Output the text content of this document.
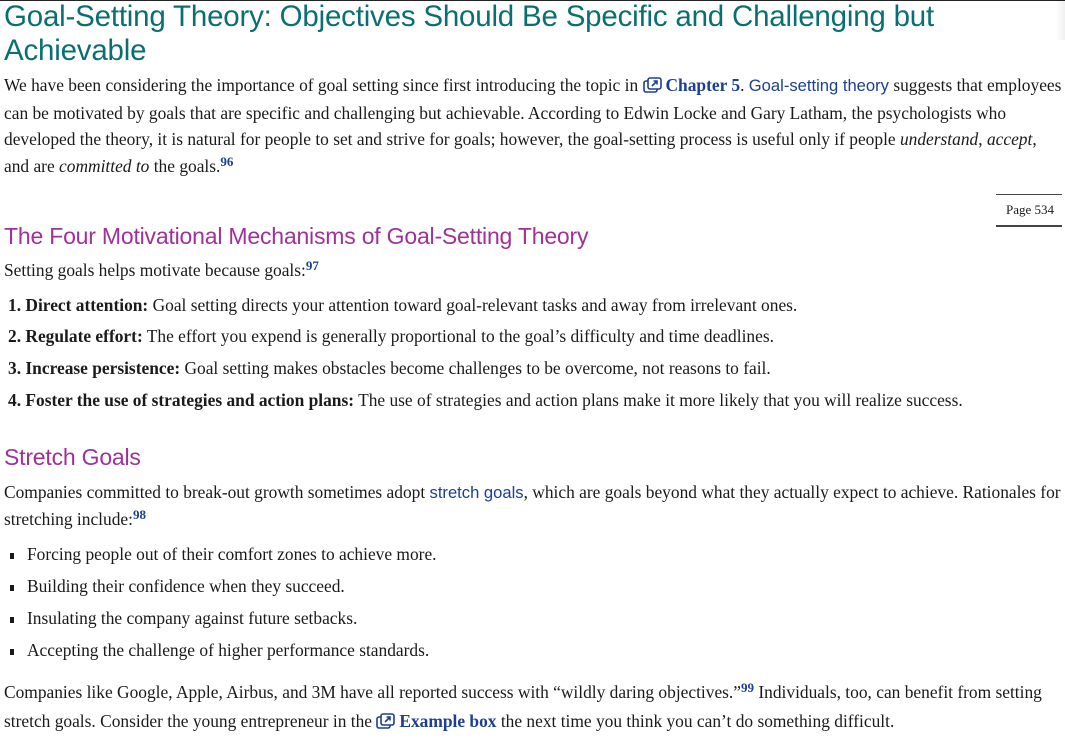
Goal-Setting Theory: Objectives Should Be Specific and Challenging but Achievable

We have been considering the importance of goal setting since first introducing the topic in Chapter 5. Goal-setting theory suggests that employees can be motivated by goals that are specific and challenging but achievable. According to Edwin Locke and Gary Latham, the psychologists who developed the theory, it is natural for people to set and strive for goals; however, the goal-setting process is useful only if people understand, accept, and are committed to the goals.$^{96}$

The Four Motivational Mechanisms of Goal-Setting Theory

Setting goals helps motivate because goals:$^{97}$

1. Direct attention: Goal setting directs your attention toward goal-relevant tasks and away from irrelevant ones.
2. Regulate effort: The effort you expend is generally proportional to the goal’s difficulty and time deadlines.
3. Increase persistence: Goal setting makes obstacles become challenges to be overcome, not reasons to fail.
4. Foster the use of strategies and action plans: The use of strategies and action plans make it more likely that you will realize success.
Stretch Goals

Companies committed to break-out growth sometimes adopt stretch goals, which are goals beyond what they actually expect to achieve. Rationales for stretching include:$^{98}$

Forcing people out of their comfort zones to achieve more.
Building their confidence when they succeed.
Insulating the company against future setbacks.
Accepting the challenge of higher performance standards.

Companies like Google, Apple, Airbus, and 3M have all reported success with “wildly daring objectives.”$^{99}$ Individuals, too, can benefit from setting stretch goals. Consider the young entrepreneur in the Example box the next time you think you can’t do something difficult.

Page 534
